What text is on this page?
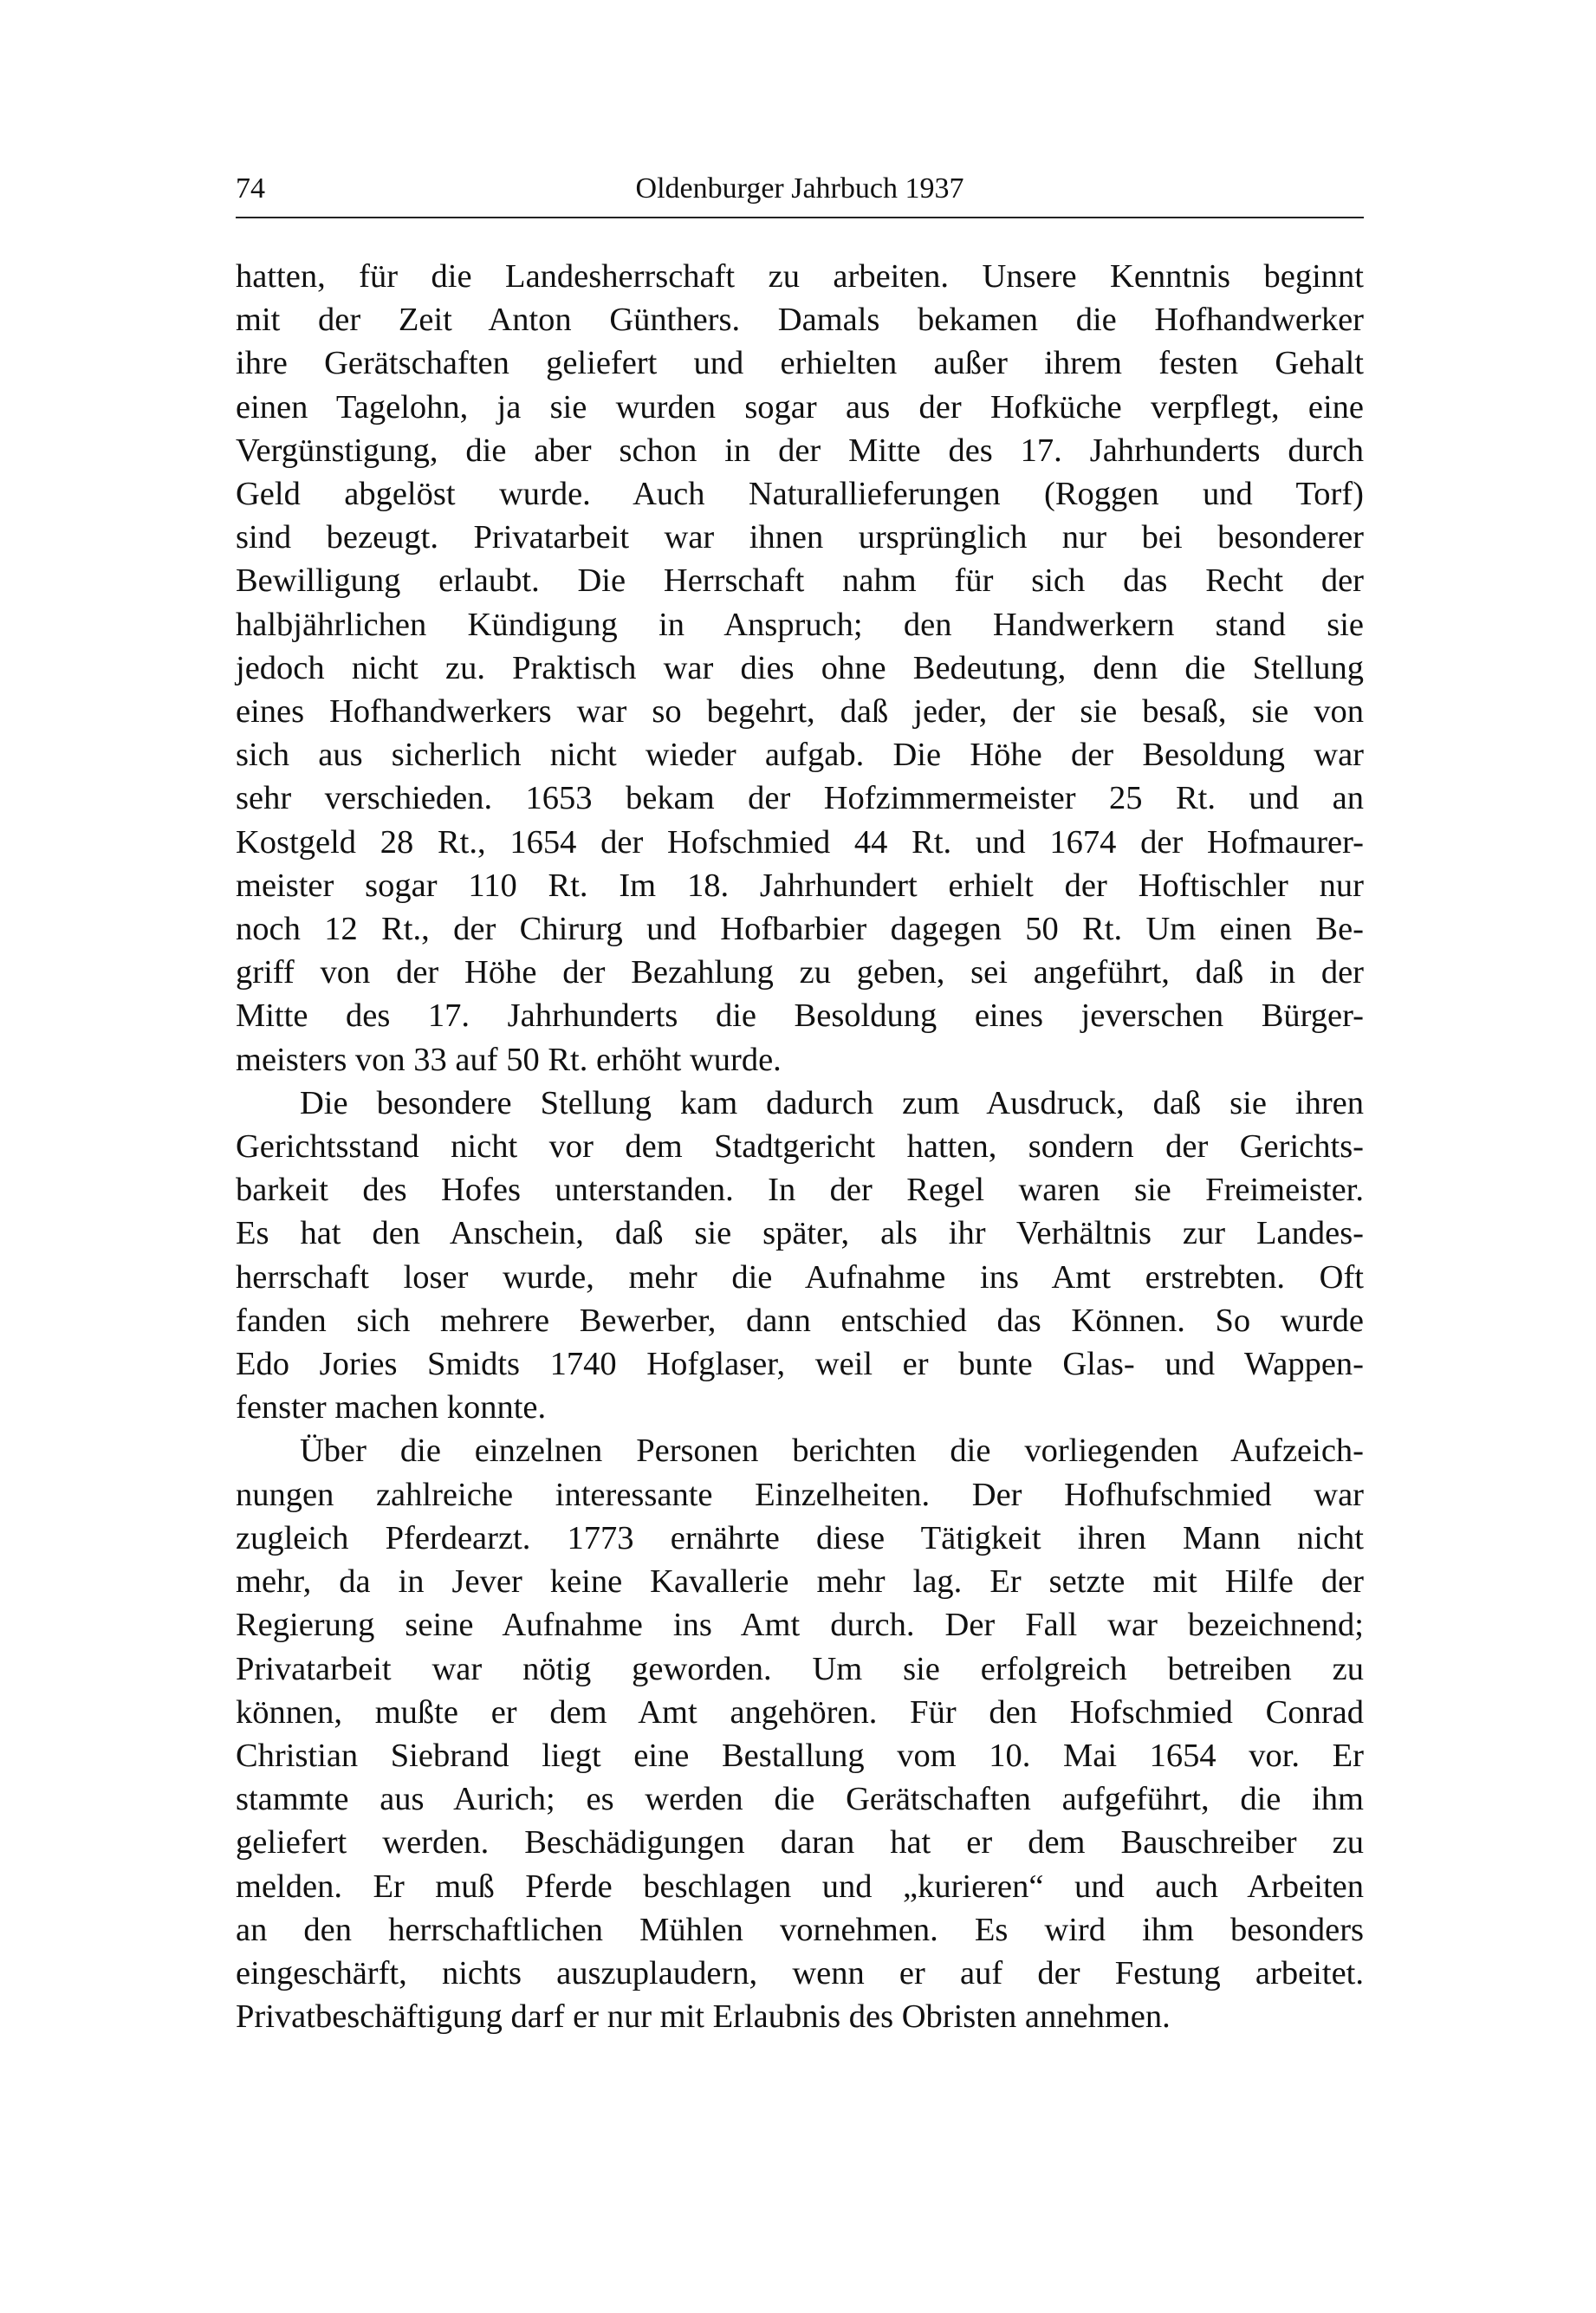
74	Oldenburger Jahrbuch 1937
hatten, für die Landesherrschaft zu arbeiten. Unsere Kenntnis beginnt
mit der Zeit Anton Günthers. Damals bekamen die Hofhandwerker
ihre Gerätschaften geliefert und erhielten außer ihrem festen Gehalt
einen Tagelohn, ja sie wurden sogar aus der Hofküche verpflegt, eine
Vergünstigung, die aber schon in der Mitte des 17. Jahrhunderts durch
Geld abgelöst wurde. Auch Naturallieferungen (Roggen und Torf)
sind bezeugt. Privatarbeit war ihnen ursprünglich nur bei besonderer
Bewilligung erlaubt. Die Herrschaft nahm für sich das Recht der
halbjährlichen Kündigung in Anspruch; den Handwerkern stand sie
jedoch nicht zu. Praktisch war dies ohne Bedeutung, denn die Stellung
eines Hofhandwerkers war so begehrt, daß jeder, der sie besaß, sie von
sich aus sicherlich nicht wieder aufgab. Die Höhe der Besoldung war
sehr verschieden. 1653 bekam der Hofzimmermeister 25 Rt. und an
Kostgeld 28 Rt., 1654 der Hofschmied 44 Rt. und 1674 der Hofmaurer-
meister sogar 110 Rt. Im 18. Jahrhundert erhielt der Hoftischler nur
noch 12 Rt., der Chirurg und Hofbarbier dagegen 50 Rt. Um einen Be-
griff von der Höhe der Bezahlung zu geben, sei angeführt, daß in der
Mitte des 17. Jahrhunderts die Besoldung eines jeverschen Bürger-
meisters von 33 auf 50 Rt. erhöht wurde.
Die besondere Stellung kam dadurch zum Ausdruck, daß sie ihren
Gerichtsstand nicht vor dem Stadtgericht hatten, sondern der Gerichts-
barkeit des Hofes unterstanden. In der Regel waren sie Freimeister.
Es hat den Anschein, daß sie später, als ihr Verhältnis zur Landes-
herrschaft loser wurde, mehr die Aufnahme ins Amt erstrebten. Oft
fanden sich mehrere Bewerber, dann entschied das Können. So wurde
Edo Jories Smidts 1740 Hofglaser, weil er bunte Glas- und Wappen-
fenster machen konnte.
Über die einzelnen Personen berichten die vorliegenden Aufzeich-
nungen zahlreiche interessante Einzelheiten. Der Hofhufschmied war
zugleich Pferdearzt. 1773 ernährte diese Tätigkeit ihren Mann nicht
mehr, da in Jever keine Kavallerie mehr lag. Er setzte mit Hilfe der
Regierung seine Aufnahme ins Amt durch. Der Fall war bezeichnend;
Privatarbeit war nötig geworden. Um sie erfolgreich betreiben zu
können, mußte er dem Amt angehören. Für den Hofschmied Conrad
Christian Siebrand liegt eine Bestallung vom 10. Mai 1654 vor. Er
stammte aus Aurich; es werden die Gerätschaften aufgeführt, die ihm
geliefert werden. Beschädigungen daran hat er dem Bauschreiber zu
melden. Er muß Pferde beschlagen und „kurieren“ und auch Arbeiten
an den herrschaftlichen Mühlen vornehmen. Es wird ihm besonders
eingeschärft, nichts auszuplaudern, wenn er auf der Festung arbeitet.
Privatbeschäftigung darf er nur mit Erlaubnis des Obristen annehmen.
